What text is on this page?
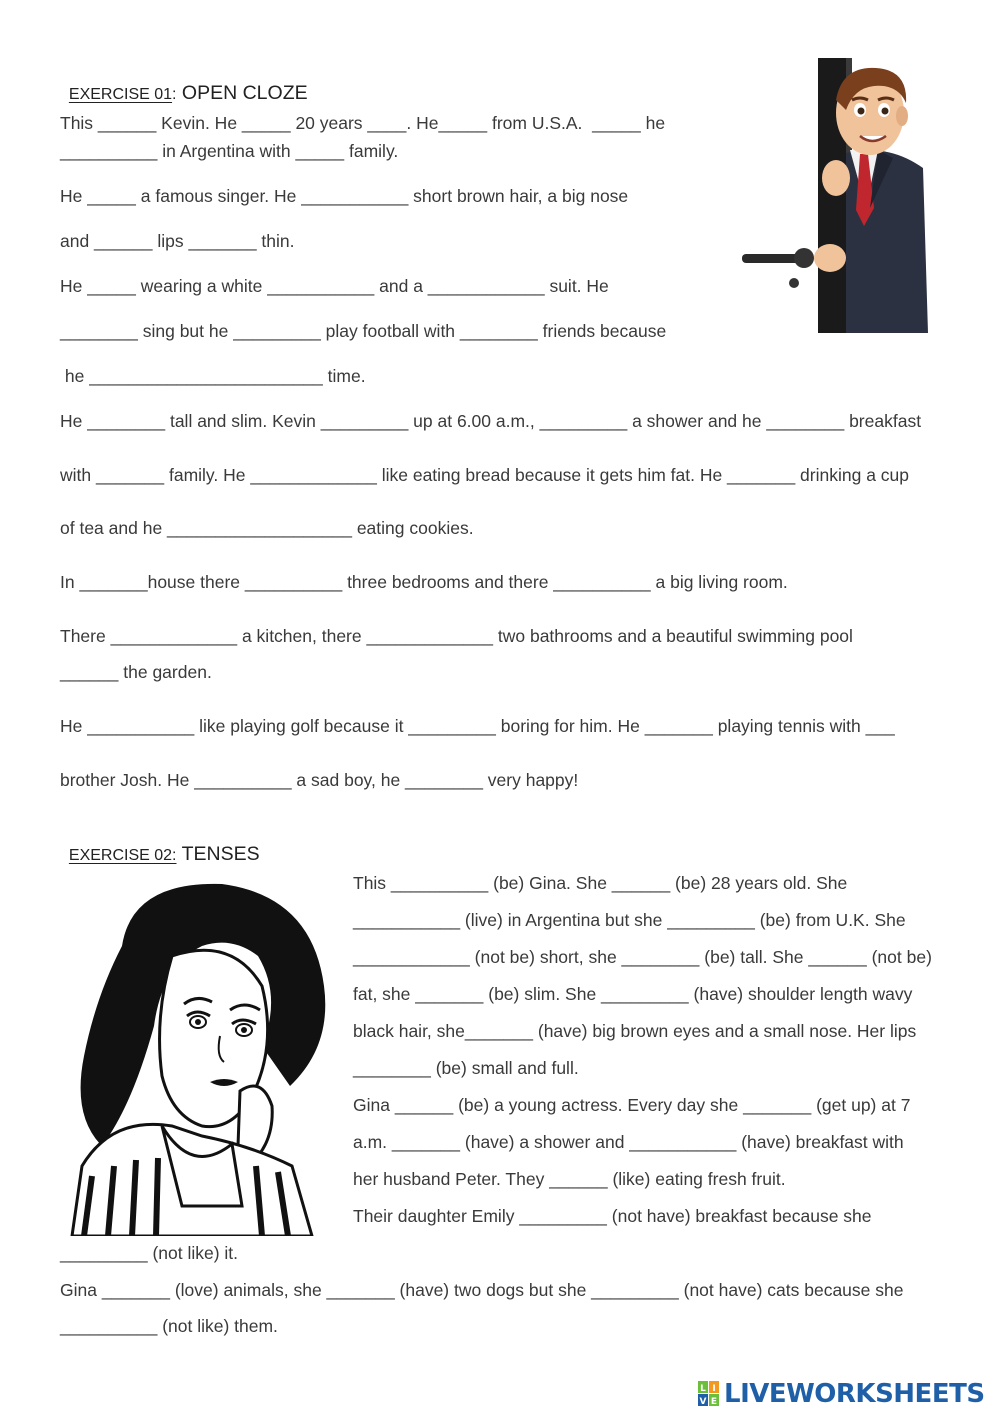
EXERCISE 01: OPEN CLOZE

This ______ Kevin. He _____ 20 years ____. He_____ from U.S.A.  _____ he
__________ in Argentina with _____ family.
He _____ a famous singer. He ___________ short brown hair, a big nose
and ______ lips _______ thin.
He _____ wearing a white ___________ and a ____________ suit. He
________ sing but he _________ play football with ________ friends because
he ________________________ time.
He ________ tall and slim. Kevin _________ up at 6.00 a.m., _________ a shower and he ________ breakfast
with _______ family. He _____________ like eating bread because it gets him fat. He _______ drinking a cup
of tea and he ___________________ eating cookies.
In _______house there __________ three bedrooms and there __________ a big living room.
There _____________ a kitchen, there _____________ two bathrooms and a beautiful swimming pool
______ the garden.
He ___________ like playing golf because it _________ boring for him. He _______ playing tennis with ___
brother Josh. He __________ a sad boy, he ________ very happy!

EXERCISE 02: TENSES

This __________ (be) Gina. She ______ (be) 28 years old. She
___________ (live) in Argentina but she _________ (be) from U.K. She
____________ (not be) short, she ________ (be) tall. She ______ (not be)
fat, she _______ (be) slim. She _________ (have) shoulder length wavy
black hair, she_______ (have) big brown eyes and a small nose. Her lips
________ (be) small and full.
Gina ______ (be) a young actress. Every day she _______ (get up) at 7
a.m. _______ (have) a shower and ___________ (have) breakfast with
her husband Peter. They ______ (like) eating fresh fruit.
Their daughter Emily _________ (not have) breakfast because she
_________ (not like) it.
Gina _______ (love) animals, she _______ (have) two dogs but she _________ (not have) cats because she
__________ (not like) them.
L I
V E LIVEWORKSHEETS
